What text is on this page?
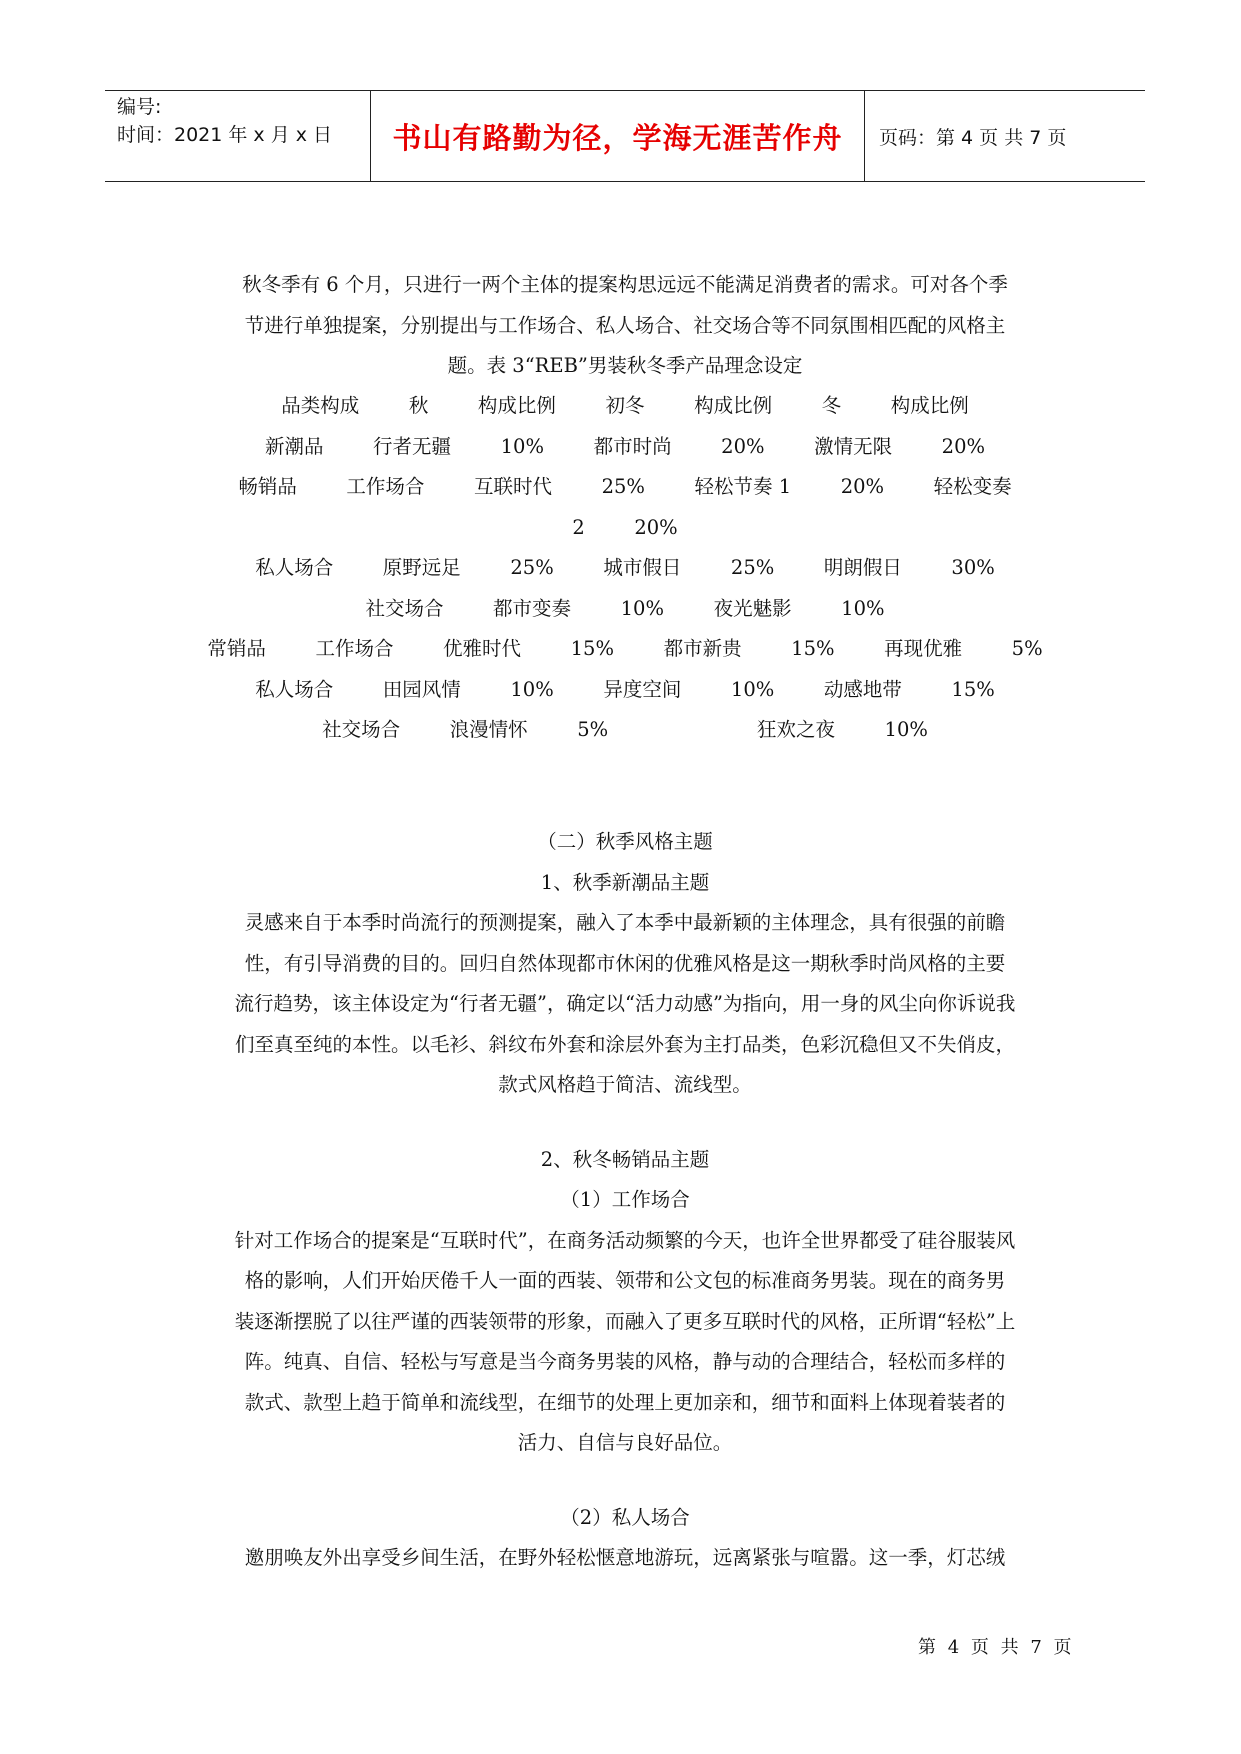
编号:
时间：2021 年 x 月 x 日	书山有路勤为径，学海无涯苦作舟	页码：第 4 页 共 7 页

秋冬季有 6 个月，只进行一两个主体的提案构思远远不能满足消费者的需求。可对各个季

节进行单独提案，分别提出与工作场合、私人场合、社交场合等不同氛围相匹配的风格主

题。表 3“REB”男装秋冬季产品理念设定

品类构成        秋        构成比例        初冬        构成比例        冬        构成比例
新潮品        行者无疆        10%        都市时尚        20%        激情无限        20%
畅销品        工作场合        互联时代        25%        轻松节奏 1        20%        轻松变奏
2        20%
私人场合        原野远足        25%        城市假日        25%        明朗假日        30%
社交场合        都市变奏        10%        夜光魅影        10%
常销品        工作场合        优雅时代        15%        都市新贵        15%        再现优雅        5%
私人场合        田园风情        10%        异度空间        10%        动感地带        15%
社交场合        浪漫情怀        5%                        狂欢之夜        10%

（二）秋季风格主题

1、秋季新潮品主题

灵感来自于本季时尚流行的预测提案，融入了本季中最新颖的主体理念，具有很强的前瞻

性，有引导消费的目的。回归自然体现都市休闲的优雅风格是这一期秋季时尚风格的主要

流行趋势，该主体设定为“行者无疆”，确定以“活力动感”为指向，用一身的风尘向你诉说我

们至真至纯的本性。以毛衫、斜纹布外套和涂层外套为主打品类，色彩沉稳但又不失俏皮，

款式风格趋于简洁、流线型。

2、秋冬畅销品主题

（1）工作场合

针对工作场合的提案是“互联时代”，在商务活动频繁的今天，也许全世界都受了硅谷服装风

格的影响，人们开始厌倦千人一面的西装、领带和公文包的标准商务男装。现在的商务男

装逐渐摆脱了以往严谨的西装领带的形象，而融入了更多互联时代的风格，正所谓“轻松”上

阵。纯真、自信、轻松与写意是当今商务男装的风格，静与动的合理结合，轻松而多样的

款式、款型上趋于简单和流线型，在细节的处理上更加亲和，细节和面料上体现着装者的

活力、自信与良好品位。

（2）私人场合

邀朋唤友外出享受乡间生活，在野外轻松惬意地游玩，远离紧张与喧嚣。这一季，灯芯绒

第 4 页 共 7 页
